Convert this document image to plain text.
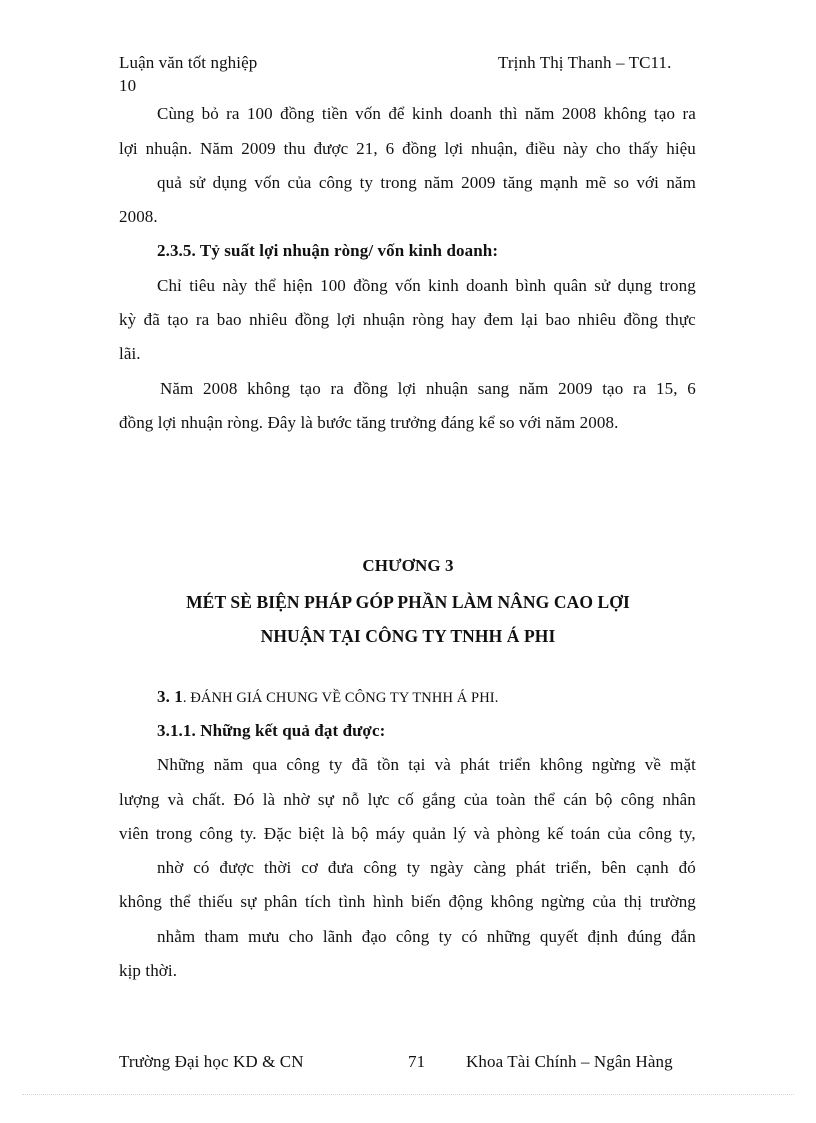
Luận văn tốt nghiệp	Trịnh Thị Thanh – TC11.
10
Cùng bỏ ra 100 đồng tiền vốn để kinh doanh thì năm 2008 không tạo ra
lợi nhuận. Năm 2009 thu được 21, 6 đồng lợi nhuận, điều này cho thấy hiệu
quả sử dụng vốn của công ty trong năm 2009 tăng mạnh mẽ so với năm
2008.
2.3.5. Tỷ suất lợi nhuận ròng/ vốn kinh doanh:
Chỉ tiêu này thể hiện 100 đồng vốn kinh doanh bình quân sử dụng trong
kỳ đã tạo ra bao nhiêu đồng lợi nhuận ròng hay đem lại bao nhiêu đồng thực
lãi.
Năm 2008 không tạo ra đồng lợi nhuận sang năm 2009 tạo ra 15, 6
đồng lợi nhuận ròng. Đây là bước tăng trưởng đáng kể so với năm 2008.
CHƯƠNG 3
MÉT SÈ BIỆN PHÁP GÓP PHẦN LÀM NÂNG CAO LỢI
NHUẬN TẠI CÔNG TY TNHH Á PHI
3. 1. ĐÁNH GIÁ CHUNG VỀ CÔNG TY TNHH Á PHI.
3.1.1. Những kết quả đạt được:
Những năm qua công ty đã tồn tại và phát triển không ngừng về mặt
lượng và chất. Đó là nhờ sự nỗ lực cố gắng của toàn thể cán bộ công nhân
viên trong công ty. Đặc biệt là bộ máy quản lý và phòng kế toán của công ty,
nhờ có được thời cơ đưa công ty ngày càng phát triển, bên cạnh đó
không thể thiếu sự phân tích tình hình biến động không ngừng của thị trường
nhằm tham mưu cho lãnh đạo công ty có những quyết định đúng đắn
kịp thời.
Trường Đại học KD & CN	71 Khoa Tài Chính – Ngân Hàng
